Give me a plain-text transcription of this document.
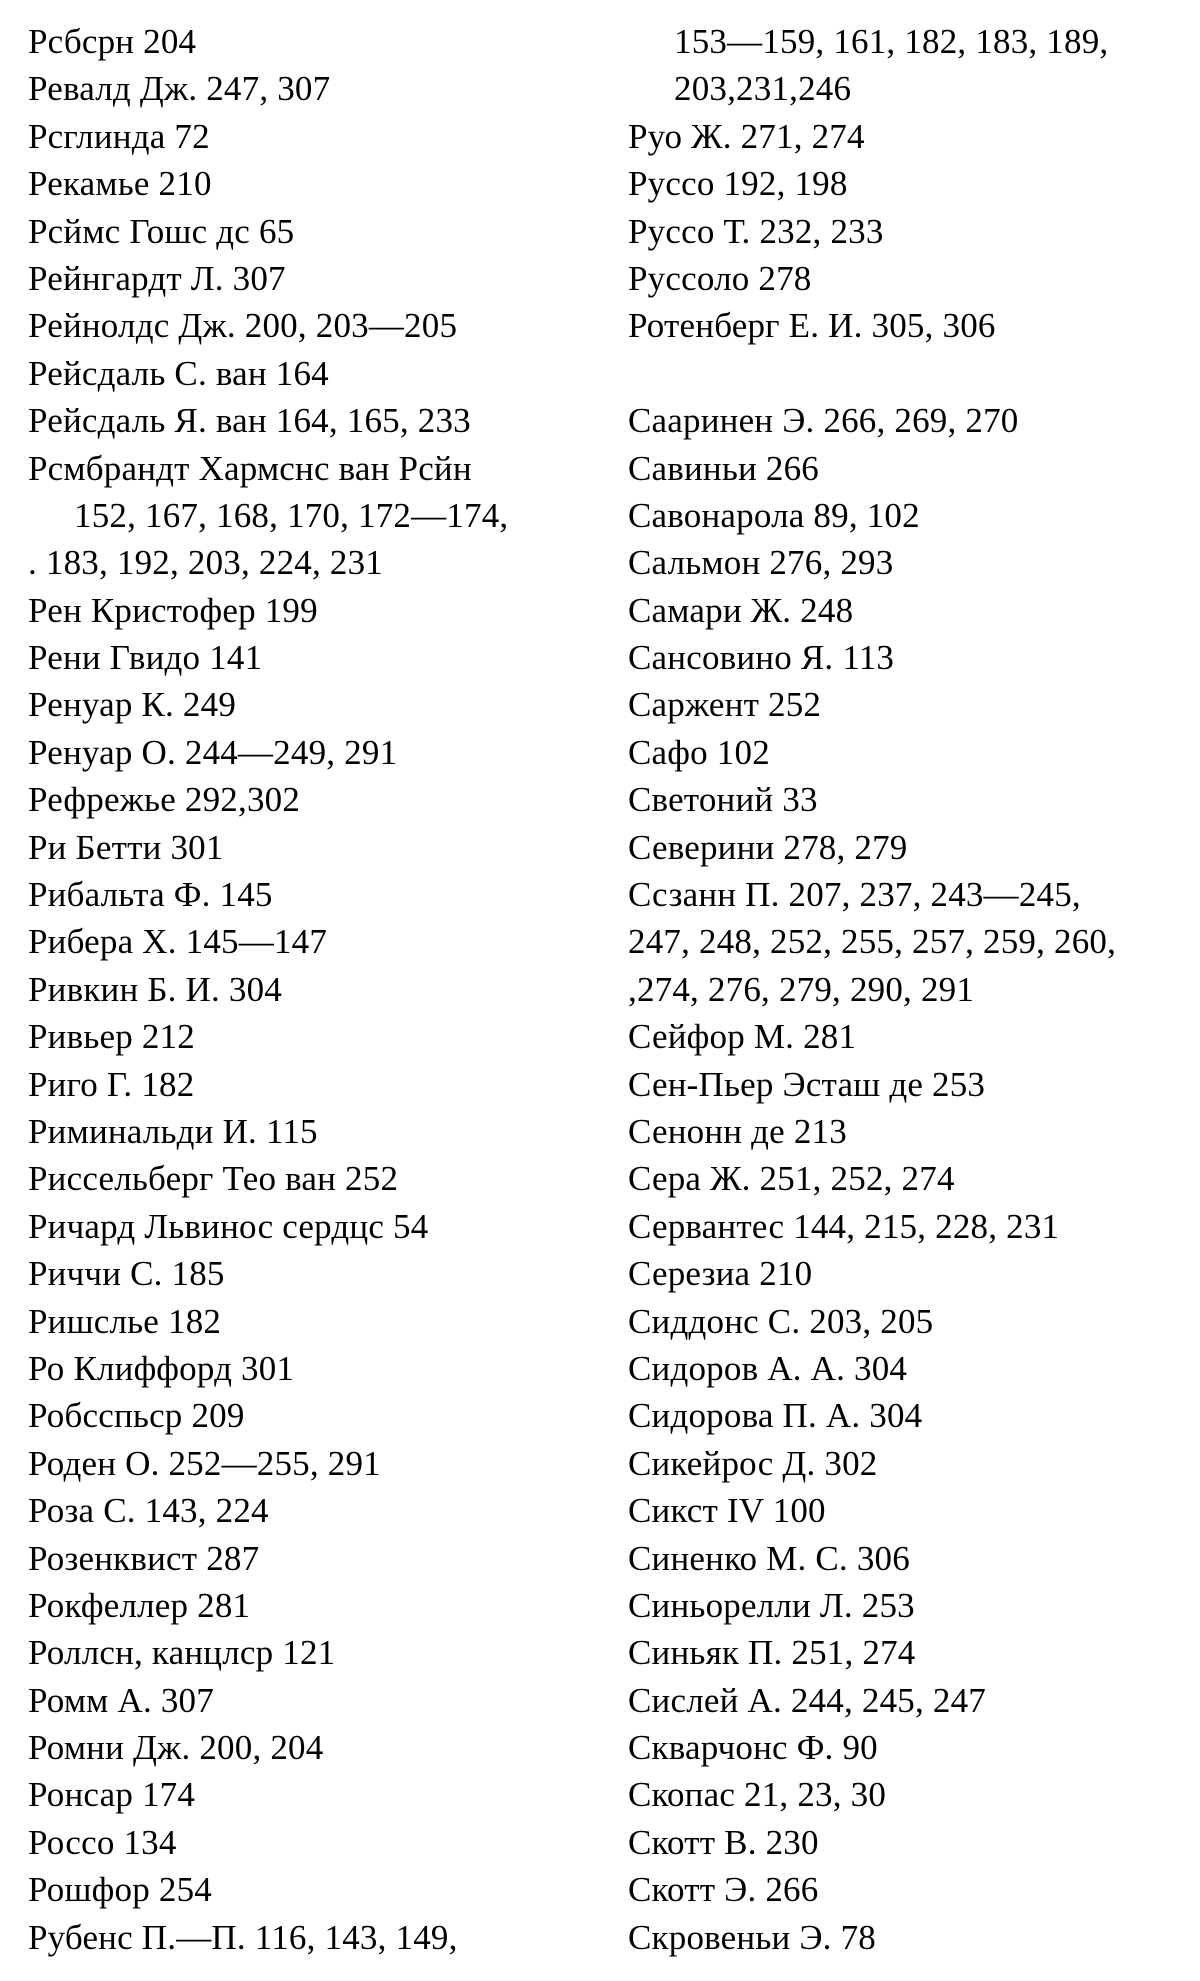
Рсбсрн 204
Ревалд Дж. 247, 307
Рсглинда 72
Рекамье 210
Рсймс Гошс дс 65
Рейнгардт Л. 307
Рейнолдс Дж. 200, 203—205
Рейсдаль С. ван 164
Рейсдаль Я. ван 164, 165, 233
Рсмбрандт Хармснс ван Рсйн
152, 167, 168, 170, 172—174,
. 183, 192, 203, 224, 231
Рен Кристофер 199
Рени Гвидо 141
Ренуар К. 249
Ренуар О. 244—249, 291
Рефрежье 292,302
Ри Бетти 301
Рибальта Ф. 145
Рибера Х. 145—147
Ривкин Б. И. 304
Ривьер 212
Риго Г. 182
Риминальди И. 115
Риссельберг Тео ван 252
Ричард Львинос сердцс 54
Риччи С. 185
Ришслье 182
Ро Клиффорд 301
Робсспьср 209
Роден О. 252—255, 291
Роза С. 143, 224
Розенквист 287
Рокфеллер 281
Роллсн, канцлср 121
Ромм А. 307
Ромни Дж. 200, 204
Ронсар 174
Россо 134
Рошфор 254
Рубенс П.—П. 116, 143, 149,
153—159, 161, 182, 183, 189,
203,231,246
Руо Ж. 271, 274
Руссо 192, 198
Руссо Т. 232, 233
Руссоло 278
Ротенберг Е. И. 305, 306
Сааринен Э. 266, 269, 270
Савиньи 266
Савонарола 89, 102
Сальмон 276, 293
Самари Ж. 248
Сансовино Я. 113
Саржент 252
Сафо 102
Светоний 33
Северини 278, 279
Ссзанн П. 207, 237, 243—245,
247, 248, 252, 255, 257, 259, 260,
,274, 276, 279, 290, 291
Сейфор М. 281
Сен-Пьер Эсташ де 253
Сенонн де 213
Сера Ж. 251, 252, 274
Сервантес 144, 215, 228, 231
Серезиа 210
Сиддонс С. 203, 205
Сидоров А. А. 304
Сидорова П. А. 304
Сикейрос Д. 302
Сикст IV 100
Синенко М. С. 306
Синьорелли Л. 253
Синьяк П. 251, 274
Сислей А. 244, 245, 247
Скварчонс Ф. 90
Скопас 21, 23, 30
Скотт В. 230
Скотт Э. 266
Скровеньи Э. 78
